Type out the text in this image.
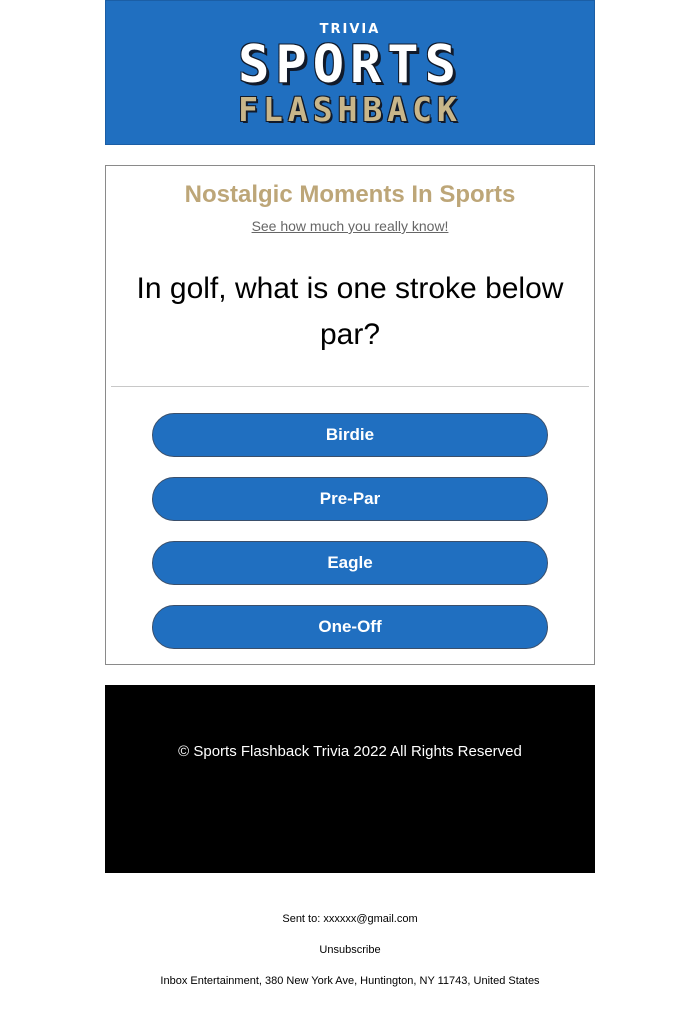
TRIVIA
SPORTS
FLASHBACK
Nostalgic Moments In Sports
See how much you really know!
In golf, what is one stroke below par?
Birdie
Pre-Par
Eagle
One-Off
© Sports Flashback Trivia 2022 All Rights Reserved
Sent to: xxxxxx@gmail.com
Unsubscribe
Inbox Entertainment, 380 New York Ave, Huntington, NY 11743, United States
